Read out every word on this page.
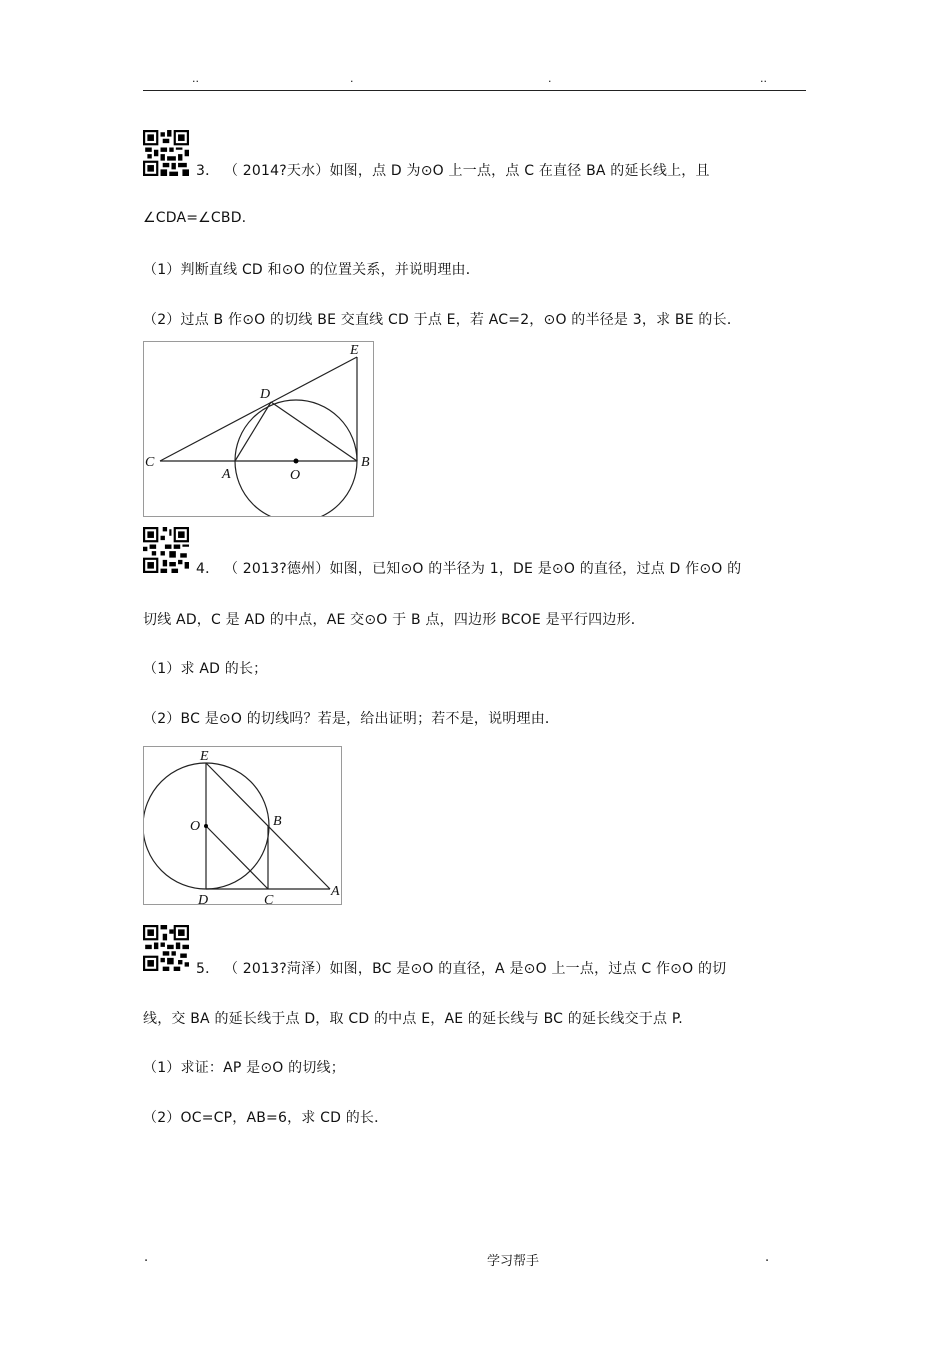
..	.	.	..
3． （ 2014?天水）如图，点 D 为⊙O 上一点，点 C 在直径 BA 的延长线上，且
∠CDA=∠CBD.
（1）判断直线 CD 和⊙O 的位置关系，并说明理由．
（2）过点 B 作⊙O 的切线 BE 交直线 CD 于点 E，若 AC=2，⊙O 的半径是 3，求 BE 的长．
E
D
C
A	O
B
4． （ 2013?德州）如图，已知⊙O 的半径为 1，DE 是⊙O 的直径，过点 D 作⊙O 的
切线 AD，C 是 AD 的中点，AE 交⊙O 于 B 点，四边形 BCOE 是平行四边形．
（1）求 AD 的长；
（2）BC 是⊙O 的切线吗？若是，给出证明；若不是，说明理由．
E
O	B
D	C
A
5． （ 2013?菏泽）如图，BC 是⊙O 的直径，A 是⊙O 上一点，过点 C 作⊙O 的切
线，交 BA 的延长线于点 D，取 CD 的中点 E，AE 的延长线与 BC 的延长线交于点 P.
（1）求证：AP 是⊙O 的切线；
（2）OC=CP，AB=6，求 CD 的长．
.	学习帮手	.
